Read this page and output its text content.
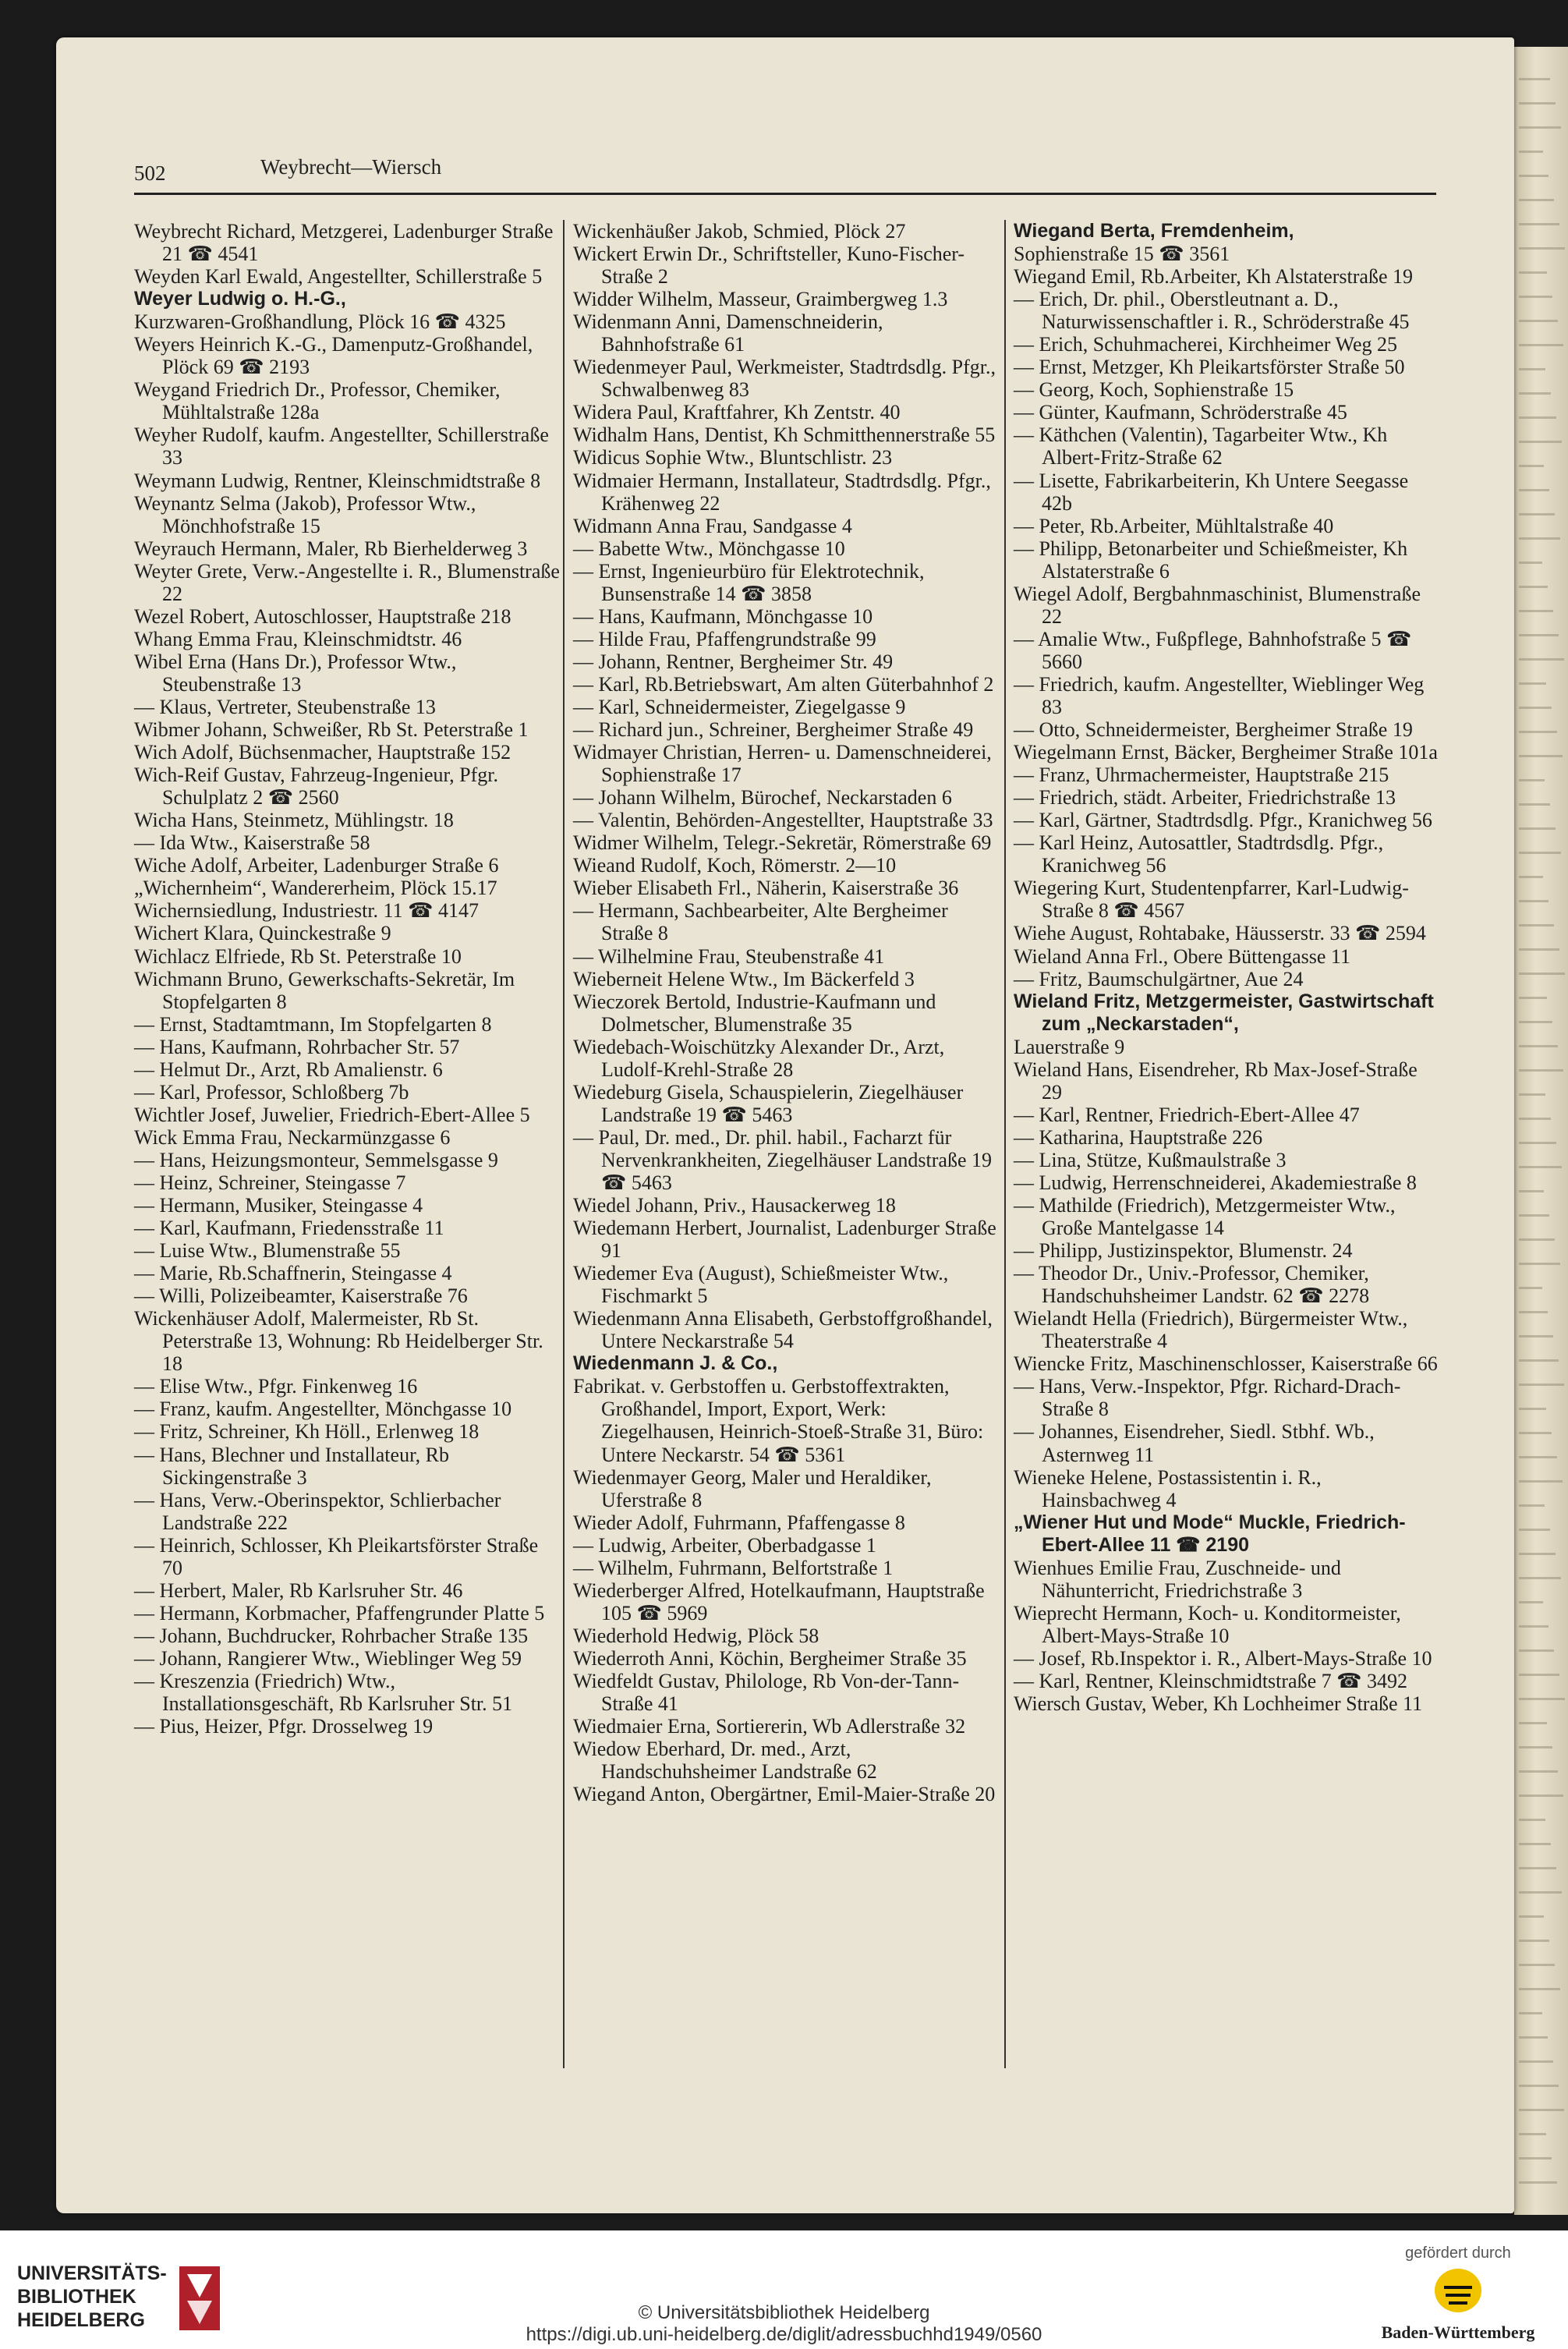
502	Weybrecht—Wiersch
Weybrecht Richard, Metzgerei, Ladenburger Straße 21 ☎ 4541
Weyden Karl Ewald, Angestellter, Schillerstraße 5
Weyer Ludwig o. H.-G.,
Kurzwaren-Großhandlung, Plöck 16 ☎ 4325
Weyers Heinrich K.-G., Damenputz-Großhandel, Plöck 69 ☎ 2193
Weygand Friedrich Dr., Professor, Chemiker, Mühltalstraße 128a
Weyher Rudolf, kaufm. Angestellter, Schillerstraße 33
Weymann Ludwig, Rentner, Kleinschmidtstraße 8
Weynantz Selma (Jakob), Professor Wtw., Mönchhofstraße 15
Weyrauch Hermann, Maler, Rb Bierhelderweg 3
Weyter Grete, Verw.-Angestellte i. R., Blumenstraße 22
Wezel Robert, Autoschlosser, Hauptstraße 218
Whang Emma Frau, Kleinschmidtstr. 46
Wibel Erna (Hans Dr.), Professor Wtw., Steubenstraße 13
— Klaus, Vertreter, Steubenstraße 13
Wibmer Johann, Schweißer, Rb St. Peterstraße 1
Wich Adolf, Büchsenmacher, Hauptstraße 152
Wich-Reif Gustav, Fahrzeug-Ingenieur, Pfgr. Schulplatz 2 ☎ 2560
Wicha Hans, Steinmetz, Mühlingstr. 18
— Ida Wtw., Kaiserstraße 58
Wiche Adolf, Arbeiter, Ladenburger Straße 6
„Wichernheim“, Wandererheim, Plöck 15.17
Wichernsiedlung, Industriestr. 11 ☎ 4147
Wichert Klara, Quinckestraße 9
Wichlacz Elfriede, Rb St. Peterstraße 10
Wichmann Bruno, Gewerkschafts-Sekretär, Im Stopfelgarten 8
— Ernst, Stadtamtmann, Im Stopfelgarten 8
— Hans, Kaufmann, Rohrbacher Str. 57
— Helmut Dr., Arzt, Rb Amalienstr. 6
— Karl, Professor, Schloßberg 7b
Wichtler Josef, Juwelier, Friedrich-Ebert-Allee 5
Wick Emma Frau, Neckarmünzgasse 6
— Hans, Heizungsmonteur, Semmelsgasse 9
— Heinz, Schreiner, Steingasse 7
— Hermann, Musiker, Steingasse 4
— Karl, Kaufmann, Friedensstraße 11
— Luise Wtw., Blumenstraße 55
— Marie, Rb.Schaffnerin, Steingasse 4
— Willi, Polizeibeamter, Kaiserstraße 76
Wickenhäuser Adolf, Malermeister, Rb St. Peterstraße 13, Wohnung: Rb Heidelberger Str. 18
— Elise Wtw., Pfgr. Finkenweg 16
— Franz, kaufm. Angestellter, Mönchgasse 10
— Fritz, Schreiner, Kh Höll., Erlenweg 18
— Hans, Blechner und Installateur, Rb Sickingenstraße 3
— Hans, Verw.-Oberinspektor, Schlierbacher Landstraße 222
— Heinrich, Schlosser, Kh Pleikartsförster Straße 70
— Herbert, Maler, Rb Karlsruher Str. 46
— Hermann, Korbmacher, Pfaffengrunder Platte 5
— Johann, Buchdrucker, Rohrbacher Straße 135
— Johann, Rangierer Wtw., Wieblinger Weg 59
— Kreszenzia (Friedrich) Wtw., Installationsgeschäft, Rb Karlsruher Str. 51
— Pius, Heizer, Pfgr. Drosselweg 19
Wickenhäußer Jakob, Schmied, Plöck 27
Wickert Erwin Dr., Schriftsteller, Kuno-Fischer-Straße 2
Widder Wilhelm, Masseur, Graimbergweg 1.3
Widenmann Anni, Damenschneiderin, Bahnhofstraße 61
Wiedenmeyer Paul, Werkmeister, Stadtrdsdlg. Pfgr., Schwalbenweg 83
Widera Paul, Kraftfahrer, Kh Zentstr. 40
Widhalm Hans, Dentist, Kh Schmitthennerstraße 55
Widicus Sophie Wtw., Bluntschlistr. 23
Widmaier Hermann, Installateur, Stadtrdsdlg. Pfgr., Krähenweg 22
Widmann Anna Frau, Sandgasse 4
— Babette Wtw., Mönchgasse 10
— Ernst, Ingenieurbüro für Elektrotechnik, Bunsenstraße 14 ☎ 3858
— Hans, Kaufmann, Mönchgasse 10
— Hilde Frau, Pfaffengrundstraße 99
— Johann, Rentner, Bergheimer Str. 49
— Karl, Rb.Betriebswart, Am alten Güterbahnhof 2
— Karl, Schneidermeister, Ziegelgasse 9
— Richard jun., Schreiner, Bergheimer Straße 49
Widmayer Christian, Herren- u. Damenschneiderei, Sophienstraße 17
— Johann Wilhelm, Bürochef, Neckarstaden 6
— Valentin, Behörden-Angestellter, Hauptstraße 33
Widmer Wilhelm, Telegr.-Sekretär, Römerstraße 69
Wieand Rudolf, Koch, Römerstr. 2—10
Wieber Elisabeth Frl., Näherin, Kaiserstraße 36
— Hermann, Sachbearbeiter, Alte Bergheimer Straße 8
— Wilhelmine Frau, Steubenstraße 41
Wieberneit Helene Wtw., Im Bäckerfeld 3
Wieczorek Bertold, Industrie-Kaufmann und Dolmetscher, Blumenstraße 35
Wiedebach-Woischützky Alexander Dr., Arzt, Ludolf-Krehl-Straße 28
Wiedeburg Gisela, Schauspielerin, Ziegelhäuser Landstraße 19 ☎ 5463
— Paul, Dr. med., Dr. phil. habil., Facharzt für Nervenkrankheiten, Ziegelhäuser Landstraße 19 ☎ 5463
Wiedel Johann, Priv., Hausackerweg 18
Wiedemann Herbert, Journalist, Ladenburger Straße 91
Wiedemer Eva (August), Schießmeister Wtw., Fischmarkt 5
Wiedenmann Anna Elisabeth, Gerbstoffgroßhandel, Untere Neckarstraße 54
Wiedenmann J. & Co.,
Fabrikat. v. Gerbstoffen u. Gerbstoffextrakten, Großhandel, Import, Export, Werk: Ziegelhausen, Heinrich-Stoeß-Straße 31, Büro: Untere Neckarstr. 54 ☎ 5361
Wiedenmayer Georg, Maler und Heraldiker, Uferstraße 8
Wieder Adolf, Fuhrmann, Pfaffengasse 8
— Ludwig, Arbeiter, Oberbadgasse 1
— Wilhelm, Fuhrmann, Belfortstraße 1
Wiederberger Alfred, Hotelkaufmann, Hauptstraße 105 ☎ 5969
Wiederhold Hedwig, Plöck 58
Wiederroth Anni, Köchin, Bergheimer Straße 35
Wiedfeldt Gustav, Philologe, Rb Von-der-Tann-Straße 41
Wiedmaier Erna, Sortiererin, Wb Adlerstraße 32
Wiedow Eberhard, Dr. med., Arzt, Handschuhsheimer Landstraße 62
Wiegand Anton, Obergärtner, Emil-Maier-Straße 20
Wiegand Berta, Fremdenheim,
Sophienstraße 15 ☎ 3561
Wiegand Emil, Rb.Arbeiter, Kh Alstaterstraße 19
— Erich, Dr. phil., Oberstleutnant a. D., Naturwissenschaftler i. R., Schröderstraße 45
— Erich, Schuhmacherei, Kirchheimer Weg 25
— Ernst, Metzger, Kh Pleikartsförster Straße 50
— Georg, Koch, Sophienstraße 15
— Günter, Kaufmann, Schröderstraße 45
— Käthchen (Valentin), Tagarbeiter Wtw., Kh Albert-Fritz-Straße 62
— Lisette, Fabrikarbeiterin, Kh Untere Seegasse 42b
— Peter, Rb.Arbeiter, Mühltalstraße 40
— Philipp, Betonarbeiter und Schießmeister, Kh Alstaterstraße 6
Wiegel Adolf, Bergbahnmaschinist, Blumenstraße 22
— Amalie Wtw., Fußpflege, Bahnhofstraße 5 ☎ 5660
— Friedrich, kaufm. Angestellter, Wieblinger Weg 83
— Otto, Schneidermeister, Bergheimer Straße 19
Wiegelmann Ernst, Bäcker, Bergheimer Straße 101a
— Franz, Uhrmachermeister, Hauptstraße 215
— Friedrich, städt. Arbeiter, Friedrichstraße 13
— Karl, Gärtner, Stadtrdsdlg. Pfgr., Kranichweg 56
— Karl Heinz, Autosattler, Stadtrdsdlg. Pfgr., Kranichweg 56
Wiegering Kurt, Studentenpfarrer, Karl-Ludwig-Straße 8 ☎ 4567
Wiehe August, Rohtabake, Häusserstr. 33 ☎ 2594
Wieland Anna Frl., Obere Büttengasse 11
— Fritz, Baumschulgärtner, Aue 24
Wieland Fritz, Metzgermeister, Gastwirtschaft zum „Neckarstaden“,
Lauerstraße 9
Wieland Hans, Eisendreher, Rb Max-Josef-Straße 29
— Karl, Rentner, Friedrich-Ebert-Allee 47
— Katharina, Hauptstraße 226
— Lina, Stütze, Kußmaulstraße 3
— Ludwig, Herrenschneiderei, Akademiestraße 8
— Mathilde (Friedrich), Metzgermeister Wtw., Große Mantelgasse 14
— Philipp, Justizinspektor, Blumenstr. 24
— Theodor Dr., Univ.-Professor, Chemiker, Handschuhsheimer Landstr. 62 ☎ 2278
Wielandt Hella (Friedrich), Bürgermeister Wtw., Theaterstraße 4
Wiencke Fritz, Maschinenschlosser, Kaiserstraße 66
— Hans, Verw.-Inspektor, Pfgr. Richard-Drach-Straße 8
— Johannes, Eisendreher, Siedl. Stbhf. Wb., Asternweg 11
Wieneke Helene, Postassistentin i. R., Hainsbachweg 4
„Wiener Hut und Mode“ Muckle, Friedrich-Ebert-Allee 11 ☎ 2190
Wienhues Emilie Frau, Zuschneide- und Nähunterricht, Friedrichstraße 3
Wieprecht Hermann, Koch- u. Konditormeister, Albert-Mays-Straße 10
— Josef, Rb.Inspektor i. R., Albert-Mays-Straße 10
— Karl, Rentner, Kleinschmidtstraße 7 ☎ 3492
Wiersch Gustav, Weber, Kh Lochheimer Straße 11
UNIVERSITÄTS-
BIBLIOTHEK
HEIDELBERG	© Universitätsbibliothek Heidelberg
https://digi.ub.uni-heidelberg.de/diglit/adressbuchhd1949/0560
gefördert durch
Baden-Württemberg
